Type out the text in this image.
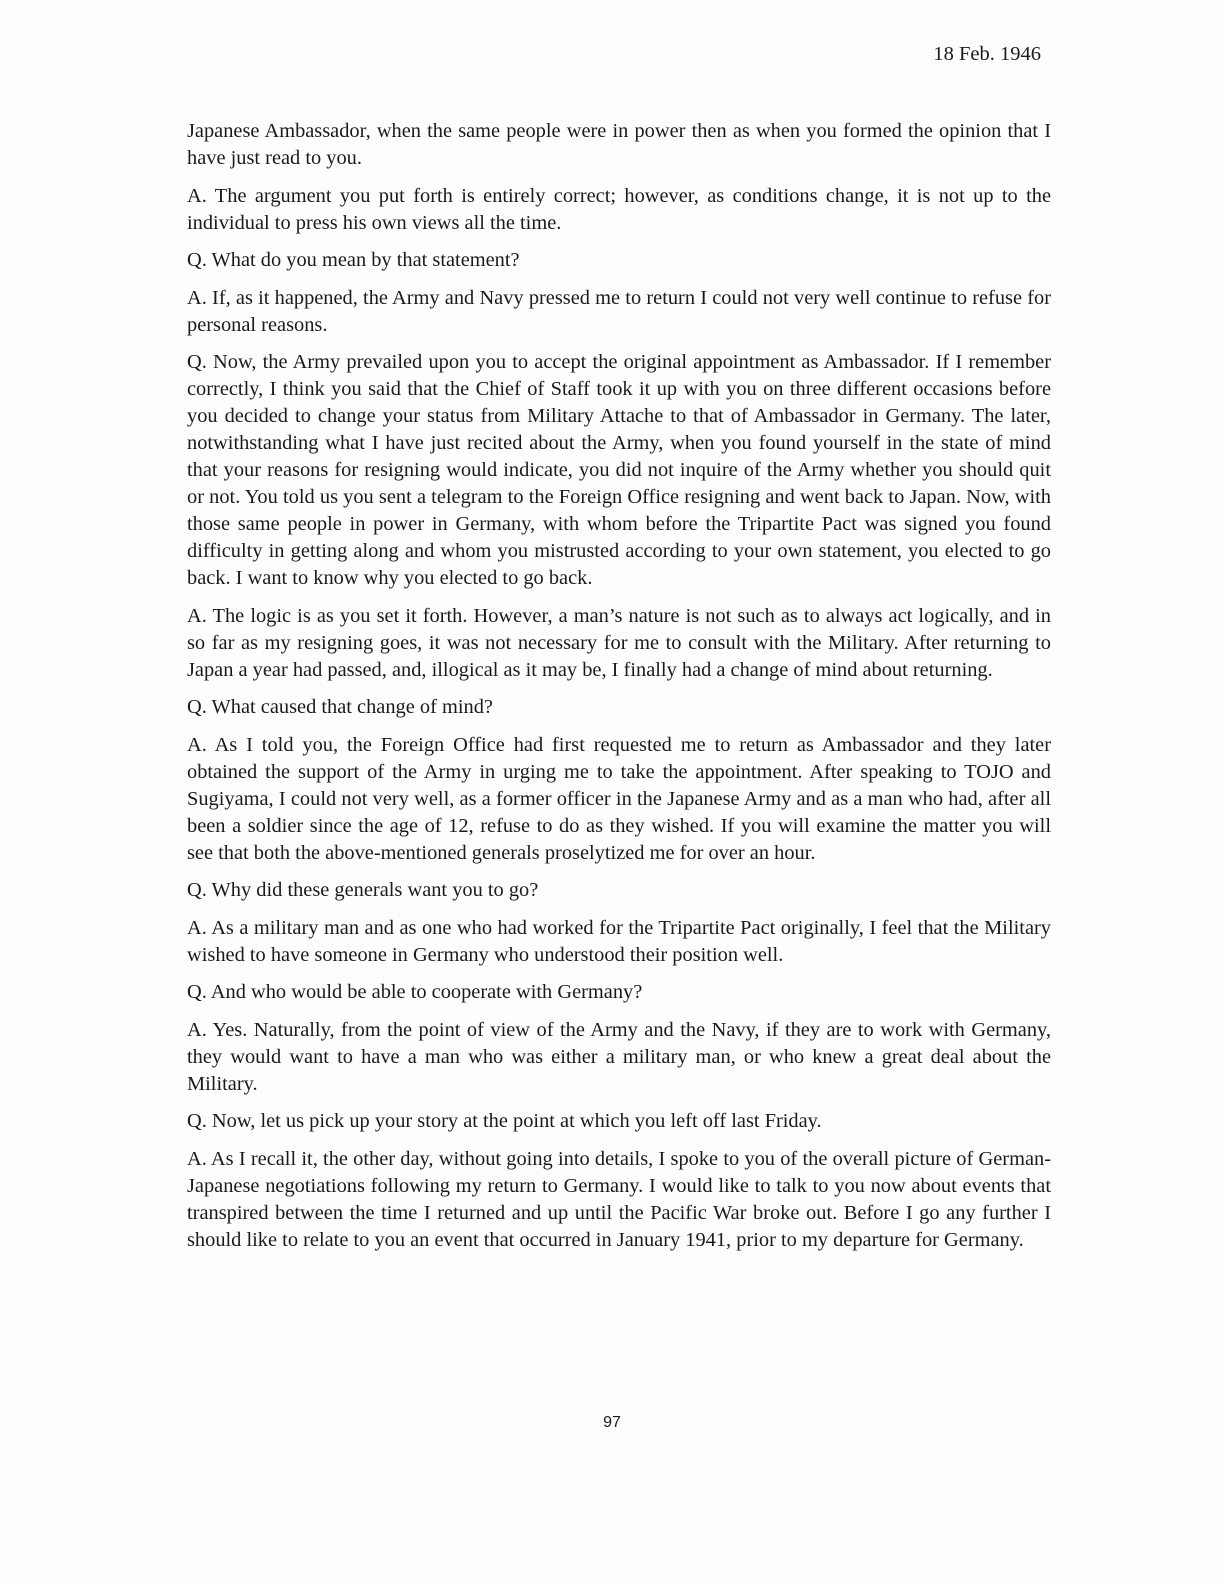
18 Feb. 1946

Japanese Ambassador, when the same people were in power then as when you formed the opinion that I have just read to you.

A. The argument you put forth is entirely correct; however, as conditions change, it is not up to the individual to press his own views all the time.

Q. What do you mean by that statement?

A. If, as it happened, the Army and Navy pressed me to return I could not very well continue to refuse for personal reasons.

Q. Now, the Army prevailed upon you to accept the original appointment as Ambassador. If I remember correctly, I think you said that the Chief of Staff took it up with you on three different occasions before you decided to change your status from Military Attache to that of Ambassador in Germany. The later, notwithstanding what I have just recited about the Army, when you found yourself in the state of mind that your reasons for resigning would indicate, you did not inquire of the Army whether you should quit or not. You told us you sent a telegram to the Foreign Office resigning and went back to Japan. Now, with those same people in power in Germany, with whom before the Tripartite Pact was signed you found difficulty in getting along and whom you mistrusted according to your own statement, you elected to go back. I want to know why you elected to go back.

A. The logic is as you set it forth. However, a man’s nature is not such as to always act logically, and in so far as my resigning goes, it was not necessary for me to consult with the Military. After returning to Japan a year had passed, and, illogical as it may be, I finally had a change of mind about returning.

Q. What caused that change of mind?

A. As I told you, the Foreign Office had first requested me to return as Ambassador and they later obtained the support of the Army in urging me to take the appointment. After speaking to TOJO and Sugiyama, I could not very well, as a former officer in the Japanese Army and as a man who had, after all been a soldier since the age of 12, refuse to do as they wished. If you will examine the matter you will see that both the above-mentioned generals proselytized me for over an hour.

Q. Why did these generals want you to go?

A. As a military man and as one who had worked for the Tripartite Pact originally, I feel that the Military wished to have someone in Germany who understood their position well.

Q. And who would be able to cooperate with Germany?

A. Yes. Naturally, from the point of view of the Army and the Navy, if they are to work with Germany, they would want to have a man who was either a military man, or who knew a great deal about the Military.

Q. Now, let us pick up your story at the point at which you left off last Friday.

A. As I recall it, the other day, without going into details, I spoke to you of the overall picture of German-Japanese negotiations following my return to Germany. I would like to talk to you now about events that transpired between the time I returned and up until the Pacific War broke out. Before I go any further I should like to relate to you an event that occurred in January 1941, prior to my departure for Germany.

97
